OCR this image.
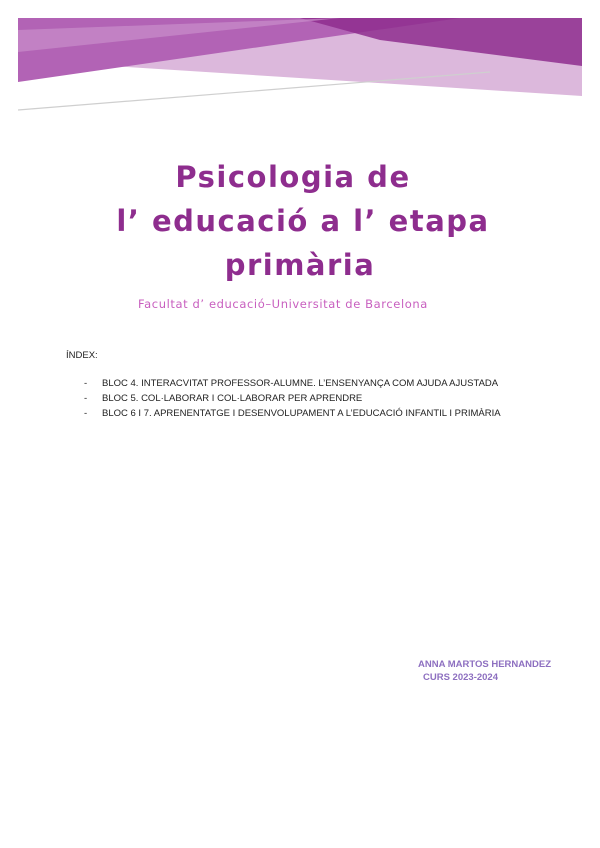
Psicologia de
l’ educació a l’ etapa
primària

Facultat d’ educació–Universitat de Barcelona

ÍNDEX:

- BLOC 4. INTERACVITAT PROFESSOR-ALUMNE. L’ENSENYANÇA COM AJUDA AJUSTADA
- BLOC 5. COL·LABORAR I COL·LABORAR PER APRENDRE
- BLOC 6 I 7. APRENENTATGE I DESENVOLUPAMENT A L’EDUCACIÓ INFANTIL I PRIMÀRIA

ANNA MARTOS HERNANDEZ
CURS 2023-2024
